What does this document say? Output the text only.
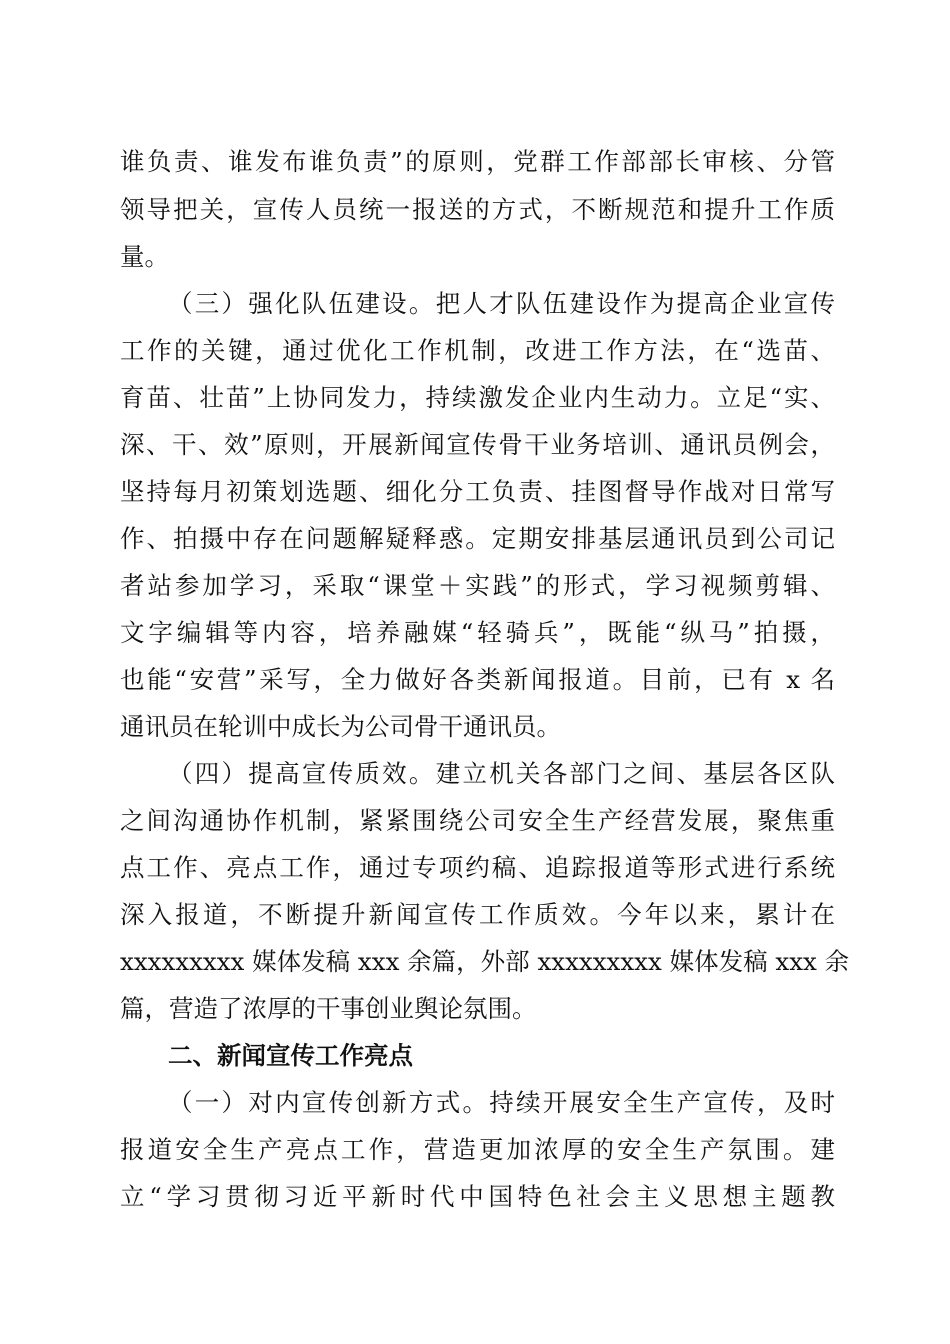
谁负责、谁发布谁负责”的原则，党群工作部部长审核、分管
领导把关，宣传人员统一报送的方式，不断规范和提升工作质
量。
（三）强化队伍建设。把人才队伍建设作为提高企业宣传
工作的关键，通过优化工作机制，改进工作方法，在“选苗、
育苗、壮苗”上协同发力，持续激发企业内生动力。立足“实、
深、干、效”原则，开展新闻宣传骨干业务培训、通讯员例会，
坚持每月初策划选题、细化分工负责、挂图督导作战对日常写
作、拍摄中存在问题解疑释惑。定期安排基层通讯员到公司记
者站参加学习，采取“课堂＋实践”的形式，学习视频剪辑、
文字编辑等内容，培养融媒“轻骑兵”，既能“纵马”拍摄，
也能“安营”采写，全力做好各类新闻报道。目前，已有 x 名
通讯员在轮训中成长为公司骨干通讯员。
（四）提高宣传质效。建立机关各部门之间、基层各区队
之间沟通协作机制，紧紧围绕公司安全生产经营发展，聚焦重
点工作、亮点工作，通过专项约稿、追踪报道等形式进行系统
深入报道，不断提升新闻宣传工作质效。今年以来，累计在
xxxxxxxxx 媒体发稿 xxx 余篇，外部 xxxxxxxxx 媒体发稿 xxx 余
篇，营造了浓厚的干事创业舆论氛围。
二、新闻宣传工作亮点
（一）对内宣传创新方式。持续开展安全生产宣传，及时
报道安全生产亮点工作，营造更加浓厚的安全生产氛围。建
立“学习贯彻习近平新时代中国特色社会主义思想主题教
